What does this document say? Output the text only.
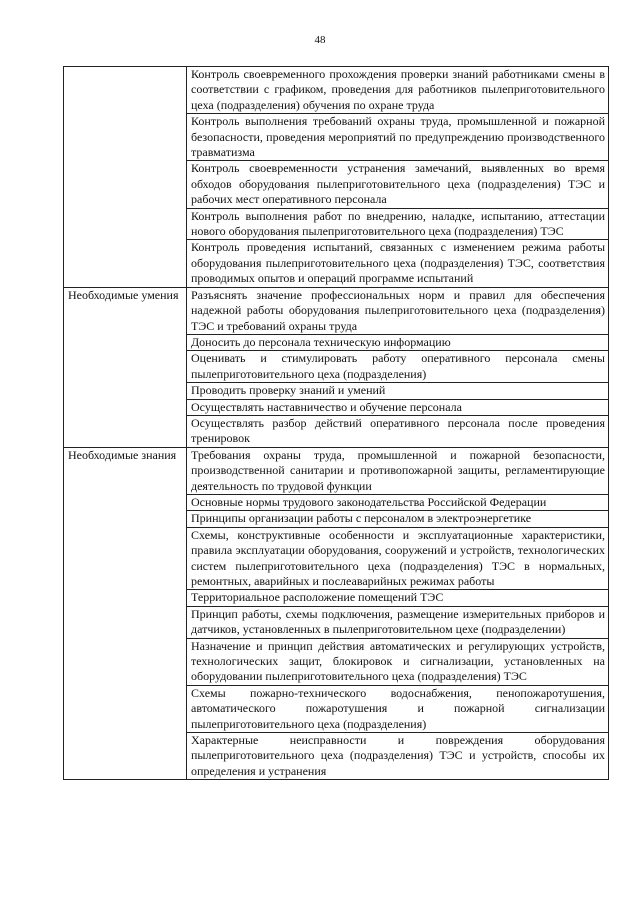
48
	Контроль своевременного прохождения проверки знаний работниками смены в соответствии с графиком, проведения для работников пылеприготовительного цеха (подразделения) обучения по охране труда
	Контроль выполнения требований охраны труда, промышленной и пожарной безопасности, проведения мероприятий по предупреждению производственного травматизма
	Контроль своевременности устранения замечаний, выявленных во время обходов оборудования пылеприготовительного цеха (подразделения) ТЭС и рабочих мест оперативного персонала
	Контроль выполнения работ по внедрению, наладке, испытанию, аттестации нового оборудования пылеприготовительного цеха (подразделения) ТЭС
	Контроль проведения испытаний, связанных с изменением режима работы оборудования пылеприготовительного цеха (подразделения) ТЭС, соответствия проводимых опытов и операций программе испытаний
Необходимые умения	Разъяснять значение профессиональных норм и правил для обеспечения надежной работы оборудования пылеприготовительного цеха (подразделения) ТЭС и требований охраны труда
	Доносить до персонала техническую информацию
	Оценивать и стимулировать работу оперативного персонала смены пылеприготовительного цеха (подразделения)
	Проводить проверку знаний и умений
	Осуществлять наставничество и обучение персонала
	Осуществлять разбор действий оперативного персонала после проведения тренировок
Необходимые знания	Требования охраны труда, промышленной и пожарной безопасности, производственной санитарии и противопожарной защиты, регламентирующие деятельность по трудовой функции
	Основные нормы трудового законодательства Российской Федерации
	Принципы организации работы с персоналом в электроэнергетике
	Схемы, конструктивные особенности и эксплуатационные характеристики, правила эксплуатации оборудования, сооружений и устройств, технологических систем пылеприготовительного цеха (подразделения) ТЭС в нормальных, ремонтных, аварийных и послеаварийных режимах работы
	Территориальное расположение помещений ТЭС
	Принцип работы, схемы подключения, размещение измерительных приборов и датчиков, установленных в пылеприготовительном цехе (подразделении)
	Назначение и принцип действия автоматических и регулирующих устройств, технологических защит, блокировок и сигнализации, установленных на оборудовании пылеприготовительного цеха (подразделения) ТЭС
	Схемы пожарно-технического водоснабжения, пенопожаротушения, автоматического пожаротушения и пожарной сигнализации пылеприготовительного цеха (подразделения)
	Характерные неисправности и повреждения оборудования пылеприготовительного цеха (подразделения) ТЭС и устройств, способы их определения и устранения
